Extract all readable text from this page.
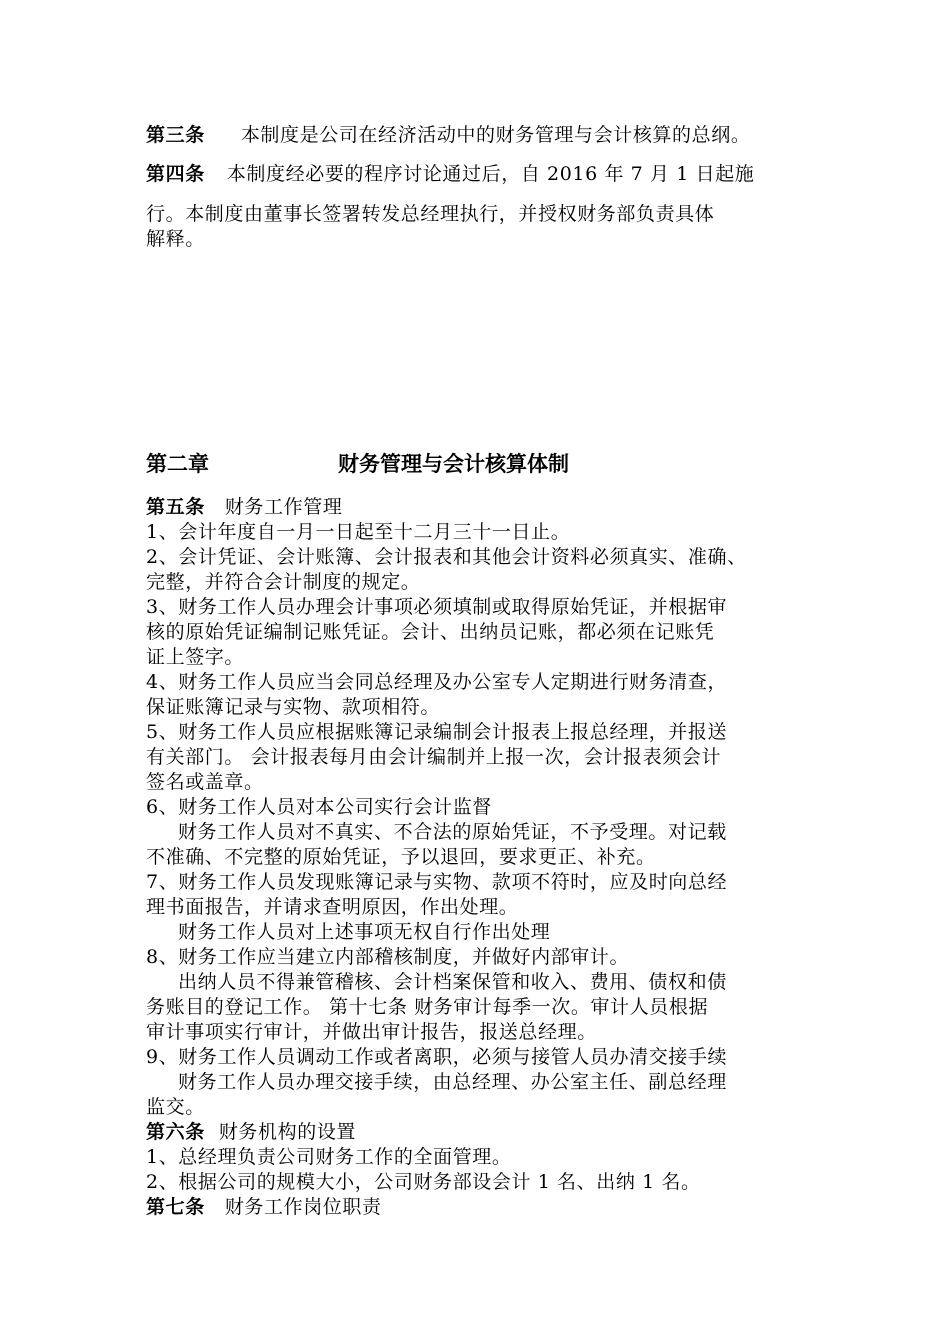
第三条 本制度是公司在经济活动中的财务管理与会计核算的总纲。
第四条 本制度经必要的程序讨论通过后，自 2016 年 7 月 1 日起施
行。本制度由董事长签署转发总经理执行，并授权财务部负责具体
解释。
第二章	财务管理与会计核算体制
第五条 财务工作管理
1、会计年度自一月一日起至十二月三十一日止。
2、会计凭证、会计账簿、会计报表和其他会计资料必须真实、准确、
完整，并符合会计制度的规定。
3、财务工作人员办理会计事项必须填制或取得原始凭证，并根据审
核的原始凭证编制记账凭证。会计、出纳员记账，都必须在记账凭
证上签字。
4、财务工作人员应当会同总经理及办公室专人定期进行财务清查，
保证账簿记录与实物、款项相符。
5、财务工作人员应根据账簿记录编制会计报表上报总经理，并报送
有关部门。 会计报表每月由会计编制并上报一次，会计报表须会计
签名或盖章。
6、财务工作人员对本公司实行会计监督
财务工作人员对不真实、不合法的原始凭证，不予受理。对记载
不准确、不完整的原始凭证，予以退回，要求更正、补充。
7、财务工作人员发现账簿记录与实物、款项不符时，应及时向总经
理书面报告，并请求查明原因，作出处理。
财务工作人员对上述事项无权自行作出处理
8、财务工作应当建立内部稽核制度，并做好内部审计。
出纳人员不得兼管稽核、会计档案保管和收入、费用、债权和债
务账目的登记工作。 第十七条 财务审计每季一次。审计人员根据
审计事项实行审计，并做出审计报告，报送总经理。
9、财务工作人员调动工作或者离职，必须与接管人员办清交接手续
财务工作人员办理交接手续，由总经理、办公室主任、副总经理
监交。
第六条 财务机构的设置
1、总经理负责公司财务工作的全面管理。
2、根据公司的规模大小，公司财务部设会计 1 名、出纳 1 名。
第七条 财务工作岗位职责
